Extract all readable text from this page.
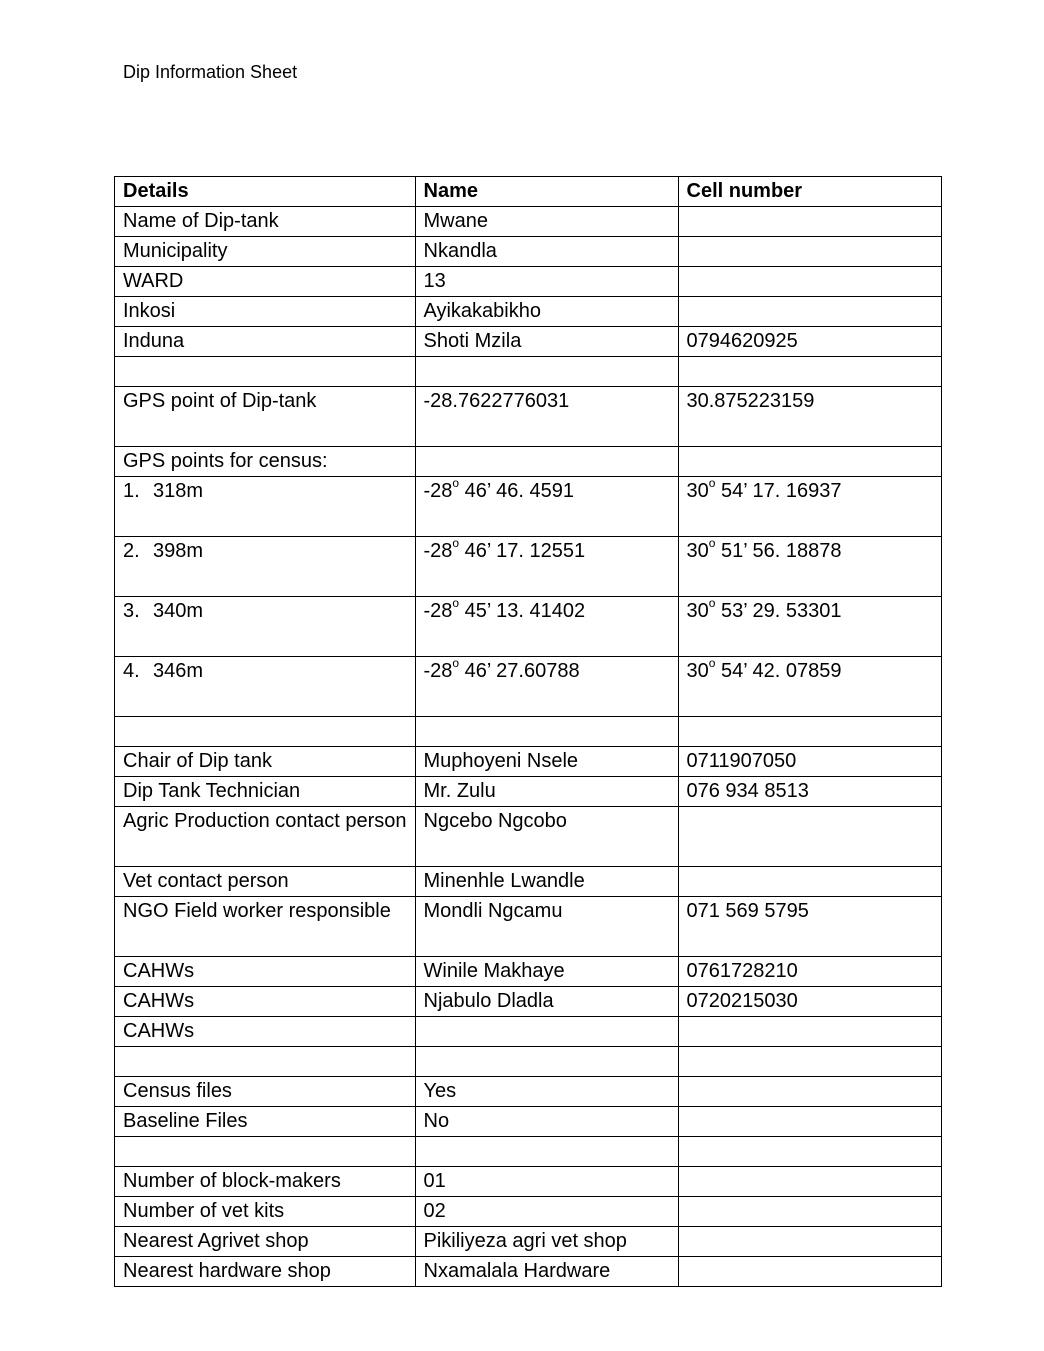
Dip Information Sheet
Details	Name	Cell number
Name of Dip-tank	Mwane	
Municipality	Nkandla	
WARD	13	
Inkosi	Ayikakabikho	
Induna	Shoti Mzila	0794620925

GPS point of Dip-tank	-28.7622776031	30.875223159
GPS points for census:		
1. 318m	-28$^o$ 46’ 46. 4591	30$^o$ 54’ 17. 16937
2. 398m	-28$^o$ 46’ 17. 12551	30$^o$ 51’ 56. 18878
3. 340m	-28$^o$ 45’ 13. 41402	30$^o$ 53’ 29. 53301
4. 346m	-28$^o$ 46’ 27.60788	30$^o$ 54’ 42. 07859

Chair of Dip tank	Muphoyeni Nsele	0711907050
Dip Tank Technician	Mr. Zulu	076 934 8513
Agric Production contact person	Ngcebo Ngcobo	
Vet contact person	Minenhle Lwandle	
NGO Field worker responsible	Mondli Ngcamu	071 569 5795
CAHWs	Winile Makhaye	0761728210
CAHWs	Njabulo Dladla	0720215030
CAHWs		

Census files	Yes	
Baseline Files	No	

Number of block-makers	01	
Number of vet kits	02	
Nearest Agrivet shop	Pikiliyeza agri vet shop	
Nearest hardware shop	Nxamalala Hardware	
